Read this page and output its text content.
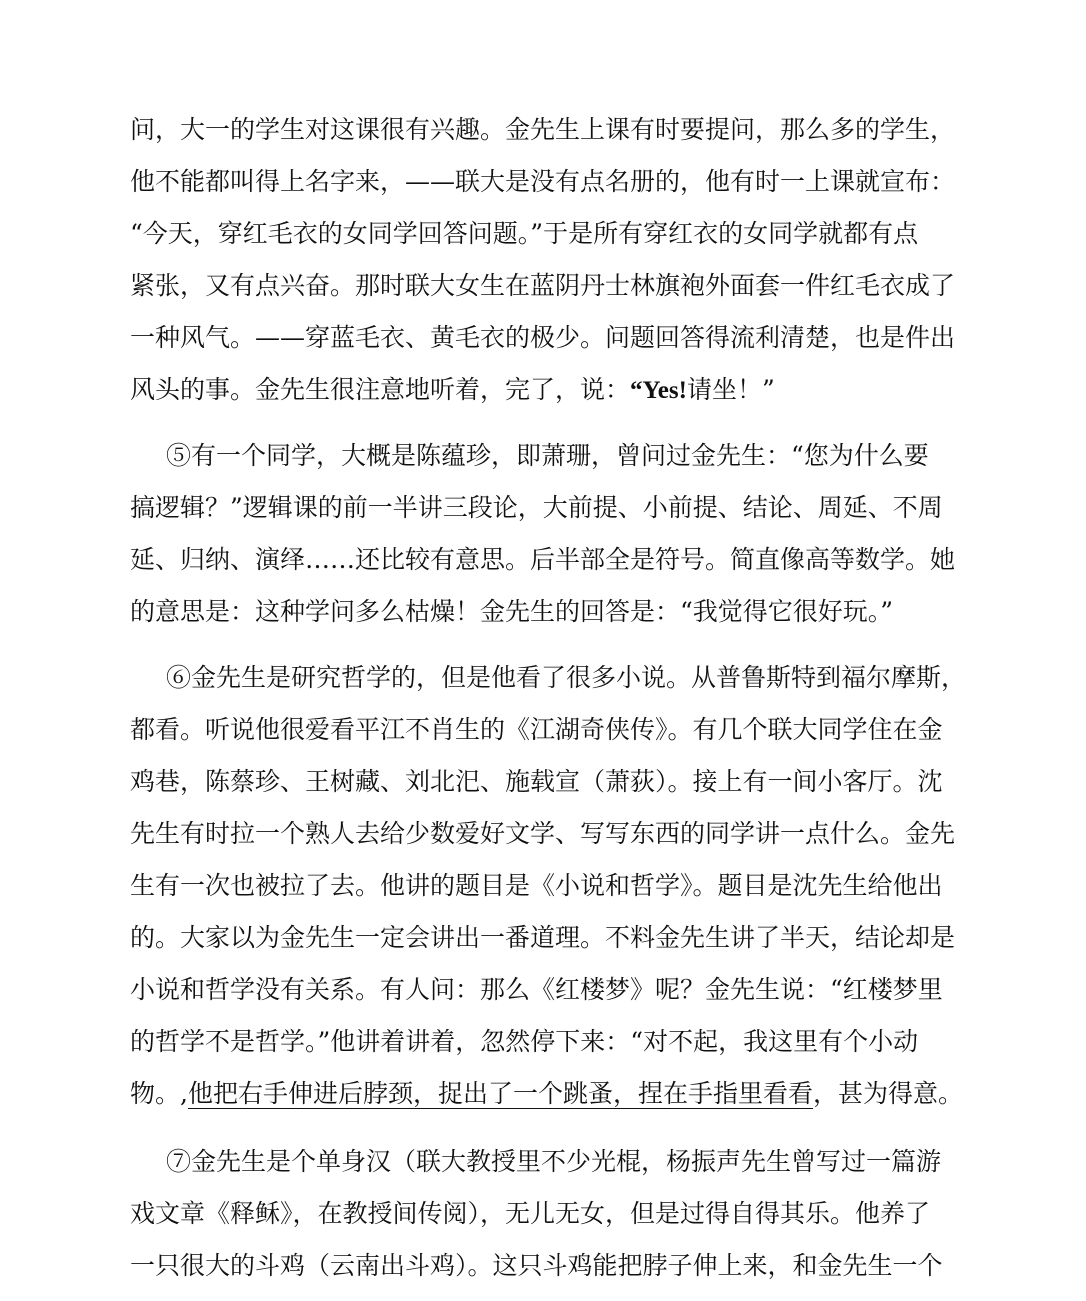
问，大一的学生对这课很有兴趣。金先生上课有时要提问，那么多的学生，
他不能都叫得上名字来，——联大是没有点名册的，他有时一上课就宣布：
“今天，穿红毛衣的女同学回答问题。”于是所有穿红衣的女同学就都有点
紧张，又有点兴奋。那时联大女生在蓝阴丹士林旗袍外面套一件红毛衣成了
一种风气。——穿蓝毛衣、黄毛衣的极少。问题回答得流利清楚，也是件出
风头的事。金先生很注意地听着，完了，说：“Yes!请坐！”
⑤有一个同学，大概是陈蕴珍，即萧珊，曾问过金先生：“您为什么要
搞逻辑？”逻辑课的前一半讲三段论，大前提、小前提、结论、周延、不周
延、归纳、演绎……还比较有意思。后半部全是符号。简直像高等数学。她
的意思是：这种学问多么枯燥！金先生的回答是：“我觉得它很好玩。”
⑥金先生是研究哲学的，但是他看了很多小说。从普鲁斯特到福尔摩斯，
都看。听说他很爱看平江不肖生的《江湖奇侠传》。有几个联大同学住在金
鸡巷，陈蔡珍、王树藏、刘北汜、施载宣（萧荻）。接上有一间小客厅。沈
先生有时拉一个熟人去给少数爱好文学、写写东西的同学讲一点什么。金先
生有一次也被拉了去。他讲的题目是《小说和哲学》。题目是沈先生给他出
的。大家以为金先生一定会讲出一番道理。不料金先生讲了半天，结论却是
小说和哲学没有关系。有人问：那么《红楼梦》呢？金先生说：“红楼梦里
的哲学不是哲学。”他讲着讲着，忽然停下来：“对不起，我这里有个小动
物。,他把右手伸进后脖颈，捉出了一个跳蚤，捏在手指里看看，甚为得意。
⑦金先生是个单身汉（联大教授里不少光棍，杨振声先生曾写过一篇游
戏文章《释稣》，在教授间传阅），无儿无女，但是过得自得其乐。他养了
一只很大的斗鸡（云南出斗鸡）。这只斗鸡能把脖子伸上来，和金先生一个
